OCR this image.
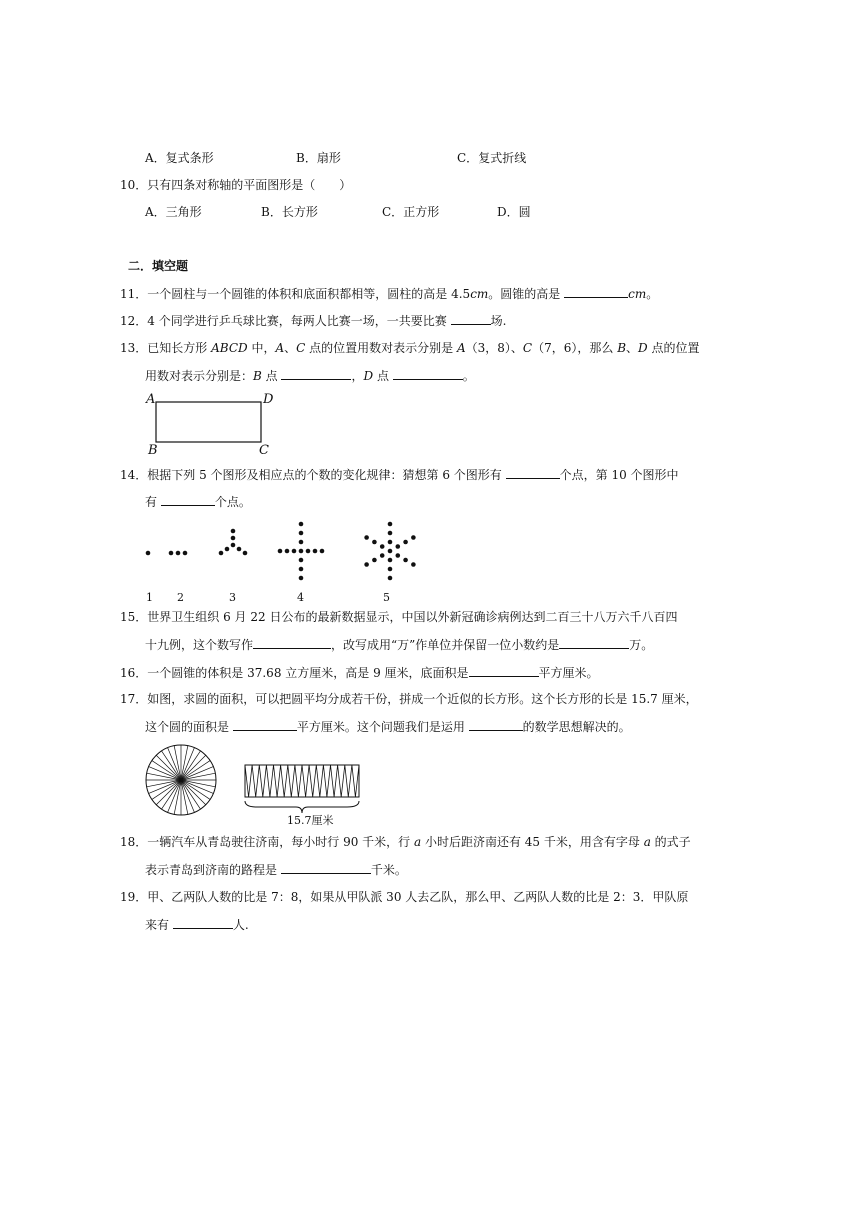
A．复式条形	B．扇形	C．复式折线
10．只有四条对称轴的平面图形是（　　）
A．三角形	B．长方形	C．正方形	D．圆
二．填空题
11．一个圆柱与一个圆锥的体积和底面积都相等，圆柱的高是 4.5cm。圆锥的高是	cm。
12．4 个同学进行乒乓球比赛，每两人比赛一场，一共要比赛	场.
13．已知长方形 ABCD 中，A、C 点的位置用数对表示分别是 A（3，8）、C（7，6），那么 B、D 点的位置
用数对表示分别是：B 点	，D 点	。
A	D
B	C
14．根据下列 5 个图形及相应点的个数的变化规律：猜想第 6 个图形有	个点，第 10 个图形中
有	个点。
1 2	3	4	5
15．世界卫生组织 6 月 22 日公布的最新数据显示，中国以外新冠确诊病例达到二百三十八万六千八百四
十九例，这个数写作	，改写成用“万”作单位并保留一位小数约是	万。
16．一个圆锥的体积是 37.68 立方厘米，高是 9 厘米，底面积是	平方厘米。
17．如图，求圆的面积，可以把圆平均分成若干份，拼成一个近似的长方形。这个长方形的长是 15.7 厘米，
这个圆的面积是	平方厘米。这个问题我们是运用	的数学思想解决的。
15.7厘米
18．一辆汽车从青岛驶往济南，每小时行 90 千米，行 a 小时后距济南还有 45 千米，用含有字母 a 的式子
表示青岛到济南的路程是	千米。
19．甲、乙两队人数的比是 7：8，如果从甲队派 30 人去乙队，那么甲、乙两队人数的比是 2：3．甲队原
来有	人.
